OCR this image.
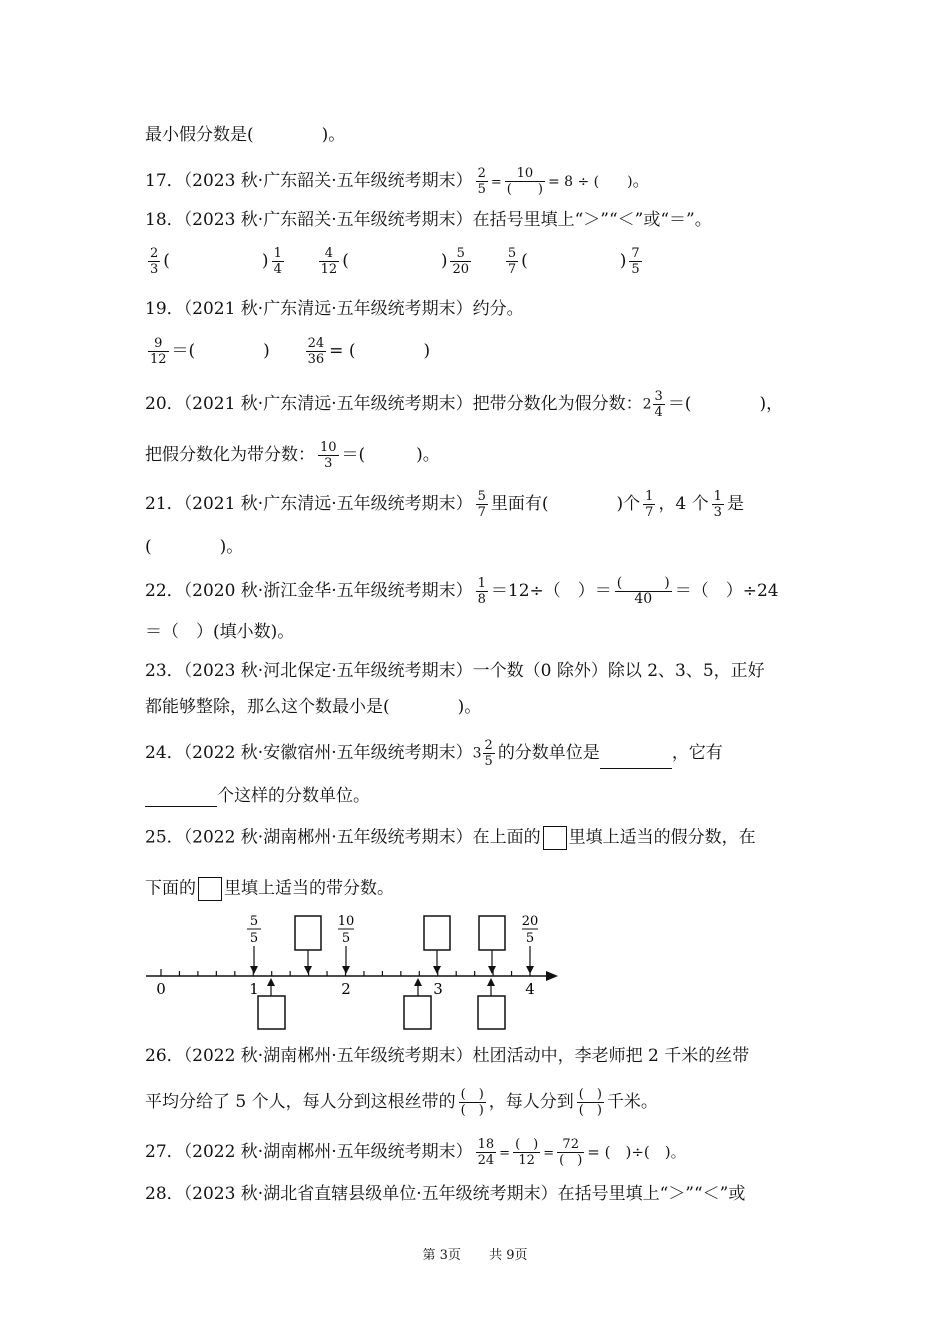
最小假分数是(　　　　)。
17．（2023 秋·广东韶关·五年级统考期末） $\frac{2}{5} = \frac{10}{( )} = 8$ ÷ (　　)。
18．（2023 秋·广东韶关·五年级统考期末）在括号里填上“＞”“＜”或“＝”。
$\frac{2}{3}$ (	) $\frac{1}{4}$
	$\frac{4}{12}$ (	) $\frac{5}{20}$
	$\frac{5}{7}$ (	) $\frac{7}{5}$
19．（2021 秋·广东清远·五年级统考期末）约分。
$\frac{9}{12}$ ＝(　　　　)	$\frac{24}{36}$ = (　　　　)
20．（2021 秋·广东清远·五年级统考期末）把带分数化为假分数：$2 \frac{3}{4}$ ＝(　　　　)，
把假分数化为带分数： $\frac{10}{3}$ ＝(　　　)。
21．（2021 秋·广东清远·五年级统考期末） $\frac{5}{7}$ 里面有(　　　　)个 $\frac{1}{7}$ ，4 个 $\frac{1}{3}$ 是
(　　　　)。
22．（2020 秋·浙江金华·五年级统考期末） $\frac{1}{8} =12\div$（　）＝ $\frac{( )}{40}$ ＝（　）÷24
＝（　）(填小数)。
23．（2023 秋·河北保定·五年级统考期末）一个数（0 除外）除以 2、3、5，正好
都能够整除，那么这个数最小是(　　　　)。
24．（2022 秋·安徽宿州·五年级统考期末）$3 \frac{2}{5}$ 的分数单位是	，它有
个这样的分数单位。
25．（2022 秋·湖南郴州·五年级统考期末）在上面的 里填上适当的假分数，在
下面的 里填上适当的带分数。
0	1	2	3	4
5
5
10
5
20
5
26．（2022 秋·湖南郴州·五年级统考期末）杜团活动中，李老师把 2 千米的丝带
平均分给了 5 个人，每人分到这根丝带的 $\frac{( )}{( )}$ ，每人分到 $\frac{( )}{( )}$ 千米。
27．（2022 秋·湖南郴州·五年级统考期末） $\frac{18}{24} = \frac{( )}{12} = \frac{72}{( )}$ = (　)÷(　)。
28．（2023 秋·湖北省直辖县级单位·五年级统考期末）在括号里填上“＞”“＜”或
第 3页 共 9页
